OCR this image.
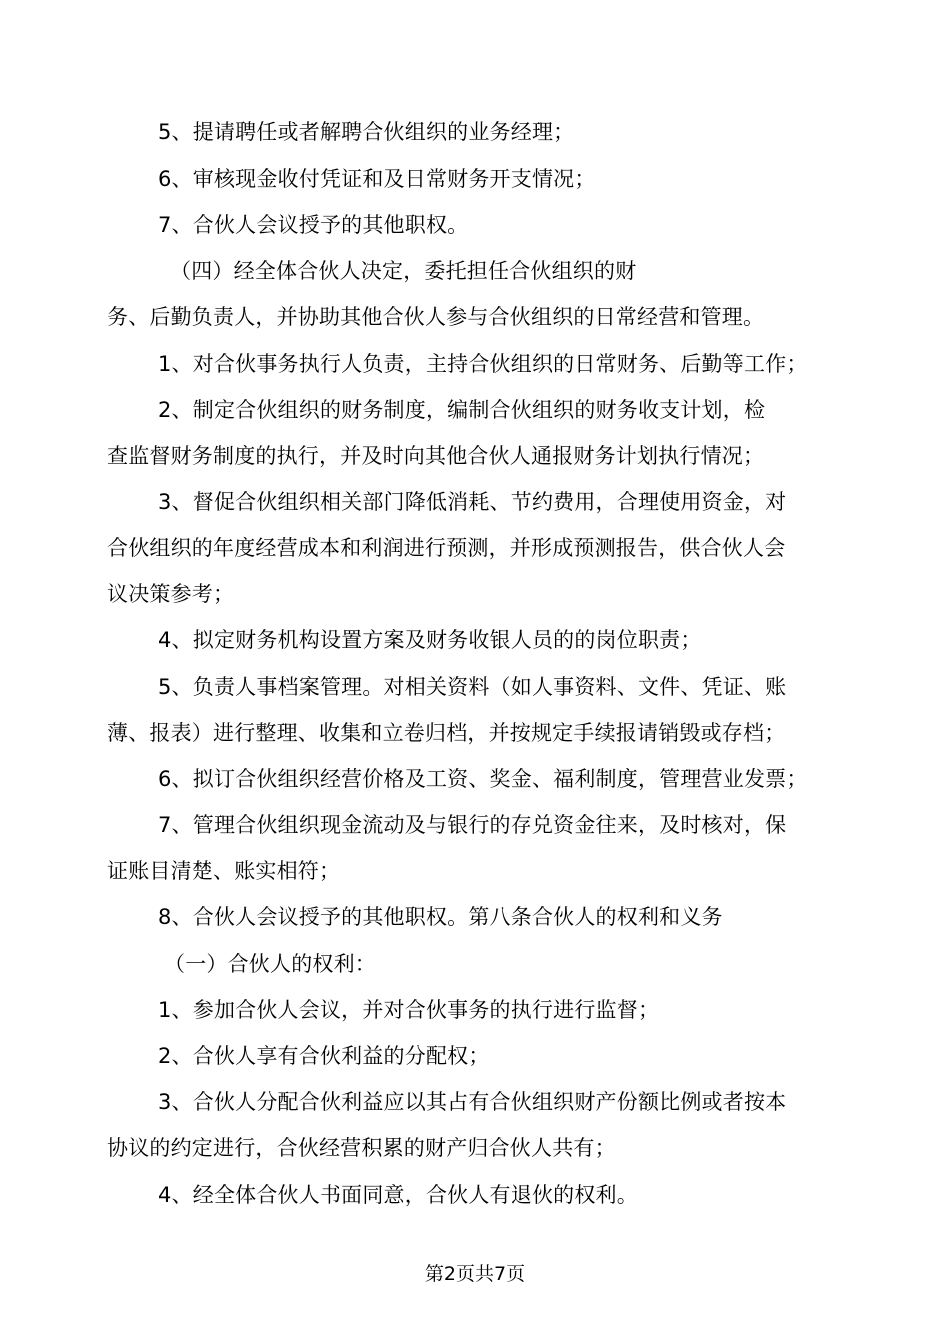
5、提请聘任或者解聘合伙组织的业务经理；
6、审核现金收付凭证和及日常财务开支情况；
7、合伙人会议授予的其他职权。
（四）经全体合伙人决定，委托担任合伙组织的财
务、后勤负责人，并协助其他合伙人参与合伙组织的日常经营和管理。
1、对合伙事务执行人负责，主持合伙组织的日常财务、后勤等工作；
2、制定合伙组织的财务制度，编制合伙组织的财务收支计划，检
查监督财务制度的执行，并及时向其他合伙人通报财务计划执行情况；
3、督促合伙组织相关部门降低消耗、节约费用，合理使用资金，对
合伙组织的年度经营成本和利润进行预测，并形成预测报告，供合伙人会
议决策参考；
4、拟定财务机构设置方案及财务收银人员的的岗位职责；
5、负责人事档案管理。对相关资料（如人事资料、文件、凭证、账
薄、报表）进行整理、收集和立卷归档，并按规定手续报请销毁或存档；
6、拟订合伙组织经营价格及工资、奖金、福利制度，管理营业发票；
7、管理合伙组织现金流动及与银行的存兑资金往来，及时核对，保
证账目清楚、账实相符；
8、合伙人会议授予的其他职权。第八条合伙人的权利和义务
（一）合伙人的权利：
1、参加合伙人会议，并对合伙事务的执行进行监督；
2、合伙人享有合伙利益的分配权；
3、合伙人分配合伙利益应以其占有合伙组织财产份额比例或者按本
协议的约定进行，合伙经营积累的财产归合伙人共有；
4、经全体合伙人书面同意，合伙人有退伙的权利。
第2页共7页
